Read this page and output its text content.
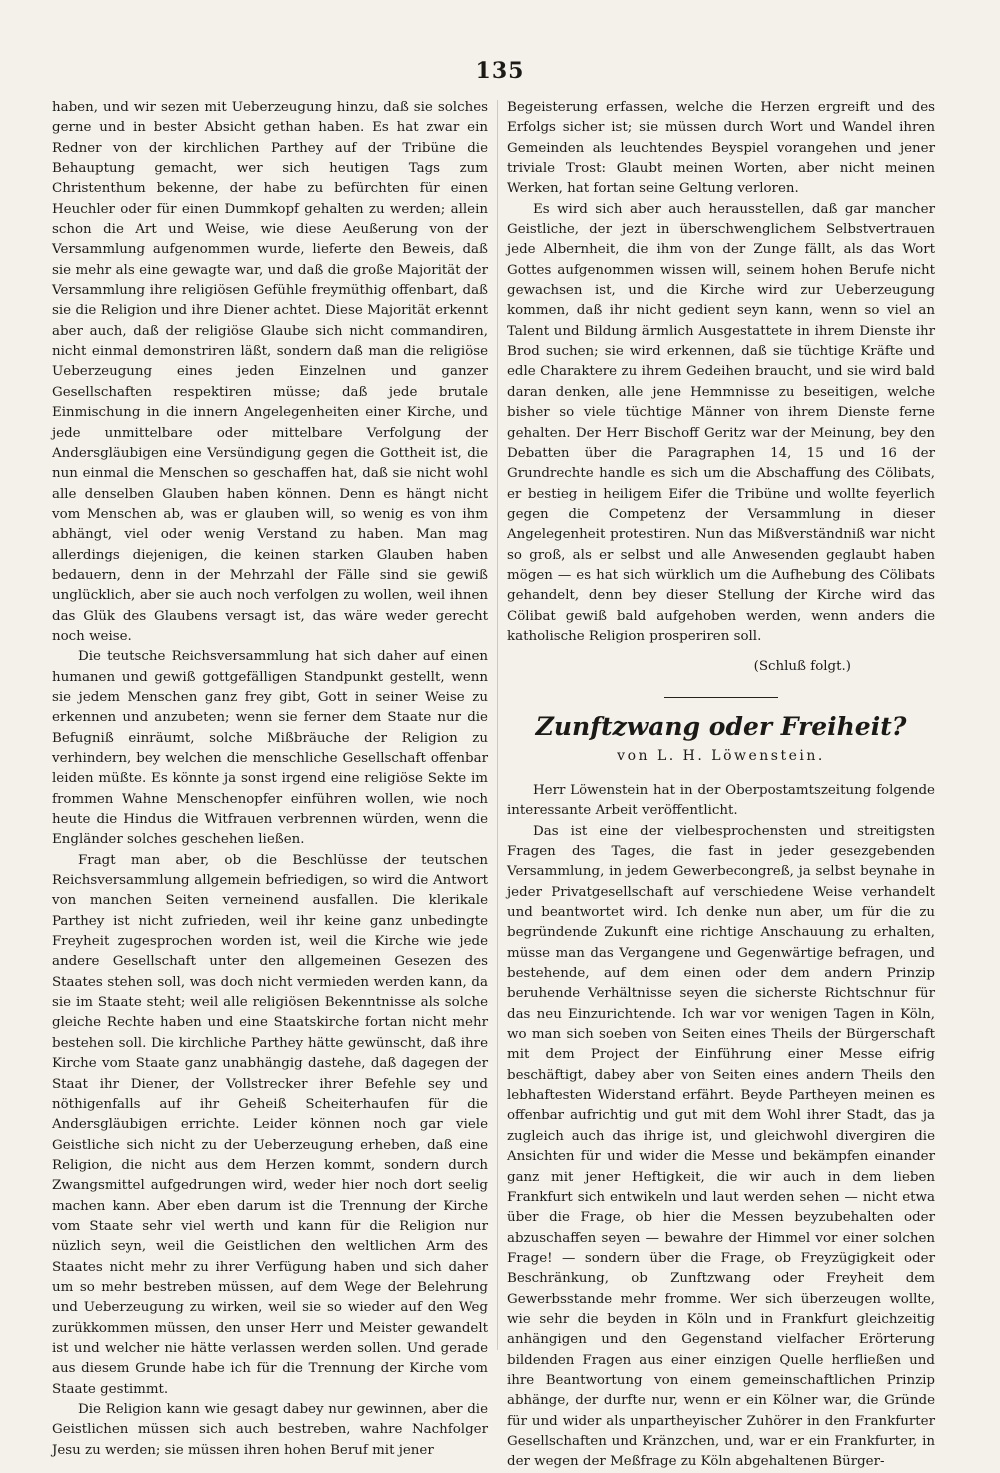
135

haben, und wir sezen mit Ueberzeugung hinzu, daß sie solches gerne und in bester Absicht gethan haben. Es hat zwar ein Redner von der kirchlichen Parthey auf der Tribüne die Behauptung gemacht, wer sich heutigen Tags zum Christenthum bekenne, der habe zu befürchten für einen Heuchler oder für einen Dummkopf gehalten zu werden; allein schon die Art und Weise, wie diese Aeußerung von der Versammlung aufgenommen wurde, lieferte den Beweis, daß sie mehr als eine gewagte war, und daß die große Majorität der Versammlung ihre religiösen Gefühle freymüthig offenbart, daß sie die Religion und ihre Diener achtet. Diese Majorität erkennt aber auch, daß der religiöse Glaube sich nicht commandiren, nicht einmal demonstriren läßt, sondern daß man die religiöse Ueberzeugung eines jeden Einzelnen und ganzer Gesellschaften respektiren müsse; daß jede brutale Einmischung in die innern Angelegenheiten einer Kirche, und jede unmittelbare oder mittelbare Verfolgung der Andersgläubigen eine Versündigung gegen die Gottheit ist, die nun einmal die Menschen so geschaffen hat, daß sie nicht wohl alle denselben Glauben haben können. Denn es hängt nicht vom Menschen ab, was er glauben will, so wenig es von ihm abhängt, viel oder wenig Verstand zu haben. Man mag allerdings diejenigen, die keinen starken Glauben haben bedauern, denn in der Mehrzahl der Fälle sind sie gewiß unglücklich, aber sie auch noch verfolgen zu wollen, weil ihnen das Glük des Glaubens versagt ist, das wäre weder gerecht noch weise.

Die teutsche Reichsversammlung hat sich daher auf einen humanen und gewiß gottgefälligen Standpunkt gestellt, wenn sie jedem Menschen ganz frey gibt, Gott in seiner Weise zu erkennen und anzubeten; wenn sie ferner dem Staate nur die Befugniß einräumt, solche Mißbräuche der Religion zu verhindern, bey welchen die menschliche Gesellschaft offenbar leiden müßte. Es könnte ja sonst irgend eine religiöse Sekte im frommen Wahne Menschenopfer einführen wollen, wie noch heute die Hindus die Witfrauen verbrennen würden, wenn die Engländer solches geschehen ließen.

Fragt man aber, ob die Beschlüsse der teutschen Reichsversammlung allgemein befriedigen, so wird die Antwort von manchen Seiten verneinend ausfallen. Die klerikale Parthey ist nicht zufrieden, weil ihr keine ganz unbedingte Freyheit zugesprochen worden ist, weil die Kirche wie jede andere Gesellschaft unter den allgemeinen Gesezen des Staates stehen soll, was doch nicht vermieden werden kann, da sie im Staate steht; weil alle religiösen Bekenntnisse als solche gleiche Rechte haben und eine Staatskirche fortan nicht mehr bestehen soll. Die kirchliche Parthey hätte gewünscht, daß ihre Kirche vom Staate ganz unabhängig dastehe, daß dagegen der Staat ihr Diener, der Vollstrecker ihrer Befehle sey und nöthigenfalls auf ihr Geheiß Scheiterhaufen für die Andersgläubigen errichte. Leider können noch gar viele Geistliche sich nicht zu der Ueberzeugung erheben, daß eine Religion, die nicht aus dem Herzen kommt, sondern durch Zwangsmittel aufgedrungen wird, weder hier noch dort seelig machen kann. Aber eben darum ist die Trennung der Kirche vom Staate sehr viel werth und kann für die Religion nur nüzlich seyn, weil die Geistlichen den weltlichen Arm des Staates nicht mehr zu ihrer Verfügung haben und sich daher um so mehr bestreben müssen, auf dem Wege der Belehrung und Ueberzeugung zu wirken, weil sie so wieder auf den Weg zurükkommen müssen, den unser Herr und Meister gewandelt ist und welcher nie hätte verlassen werden sollen. Und gerade aus diesem Grunde habe ich für die Trennung der Kirche vom Staate gestimmt.

Die Religion kann wie gesagt dabey nur gewinnen, aber die Geistlichen müssen sich auch bestreben, wahre Nachfolger Jesu zu werden; sie müssen ihren hohen Beruf mit jener

Begeisterung erfassen, welche die Herzen ergreift und des Erfolgs sicher ist; sie müssen durch Wort und Wandel ihren Gemeinden als leuchtendes Beyspiel vorangehen und jener triviale Trost: Glaubt meinen Worten, aber nicht meinen Werken, hat fortan seine Geltung verloren.

Es wird sich aber auch herausstellen, daß gar mancher Geistliche, der jezt in überschwenglichem Selbstvertrauen jede Albernheit, die ihm von der Zunge fällt, als das Wort Gottes aufgenommen wissen will, seinem hohen Berufe nicht gewachsen ist, und die Kirche wird zur Ueberzeugung kommen, daß ihr nicht gedient seyn kann, wenn so viel an Talent und Bildung ärmlich Ausgestattete in ihrem Dienste ihr Brod suchen; sie wird erkennen, daß sie tüchtige Kräfte und edle Charaktere zu ihrem Gedeihen braucht, und sie wird bald daran denken, alle jene Hemmnisse zu beseitigen, welche bisher so viele tüchtige Männer von ihrem Dienste ferne gehalten. Der Herr Bischoff Geritz war der Meinung, bey den Debatten über die Paragraphen 14, 15 und 16 der Grundrechte handle es sich um die Abschaffung des Cölibats, er bestieg in heiligem Eifer die Tribüne und wollte feyerlich gegen die Competenz der Versammlung in dieser Angelegenheit protestiren. Nun das Mißverständniß war nicht so groß, als er selbst und alle Anwesenden geglaubt haben mögen — es hat sich würklich um die Aufhebung des Cölibats gehandelt, denn bey dieser Stellung der Kirche wird das Cölibat gewiß bald aufgehoben werden, wenn anders die katholische Religion prosperiren soll.

(Schluß folgt.)

Zunftzwang oder Freiheit?
von L. H. Löwenstein.

Herr Löwenstein hat in der Oberpostamtszeitung folgende interessante Arbeit veröffentlicht.

Das ist eine der vielbesprochensten und streitigsten Fragen des Tages, die fast in jeder gesezgebenden Versammlung, in jedem Gewerbecongreß, ja selbst beynahe in jeder Privatgesellschaft auf verschiedene Weise verhandelt und beantwortet wird. Ich denke nun aber, um für die zu begründende Zukunft eine richtige Anschauung zu erhalten, müsse man das Vergangene und Gegenwärtige befragen, und bestehende, auf dem einen oder dem andern Prinzip beruhende Verhältnisse seyen die sicherste Richtschnur für das neu Einzurichtende. Ich war vor wenigen Tagen in Köln, wo man sich soeben von Seiten eines Theils der Bürgerschaft mit dem Project der Einführung einer Messe eifrig beschäftigt, dabey aber von Seiten eines andern Theils den lebhaftesten Widerstand erfährt. Beyde Partheyen meinen es offenbar aufrichtig und gut mit dem Wohl ihrer Stadt, das ja zugleich auch das ihrige ist, und gleichwohl divergiren die Ansichten für und wider die Messe und bekämpfen einander ganz mit jener Heftigkeit, die wir auch in dem lieben Frankfurt sich entwikeln und laut werden sehen — nicht etwa über die Frage, ob hier die Messen beyzubehalten oder abzuschaffen seyen — bewahre der Himmel vor einer solchen Frage! — sondern über die Frage, ob Freyzügigkeit oder Beschränkung, ob Zunftzwang oder Freyheit dem Gewerbsstande mehr fromme. Wer sich überzeugen wollte, wie sehr die beyden in Köln und in Frankfurt gleichzeitig anhängigen und den Gegenstand vielfacher Erörterung bildenden Fragen aus einer einzigen Quelle herfließen und ihre Beantwortung von einem gemeinschaftlichen Prinzip abhänge, der durfte nur, wenn er ein Kölner war, die Gründe für und wider als unpartheyischer Zuhörer in den Frankfurter Gesellschaften und Kränzchen, und, war er ein Frankfurter, in der wegen der Meßfrage zu Köln abgehaltenen Bürger-
